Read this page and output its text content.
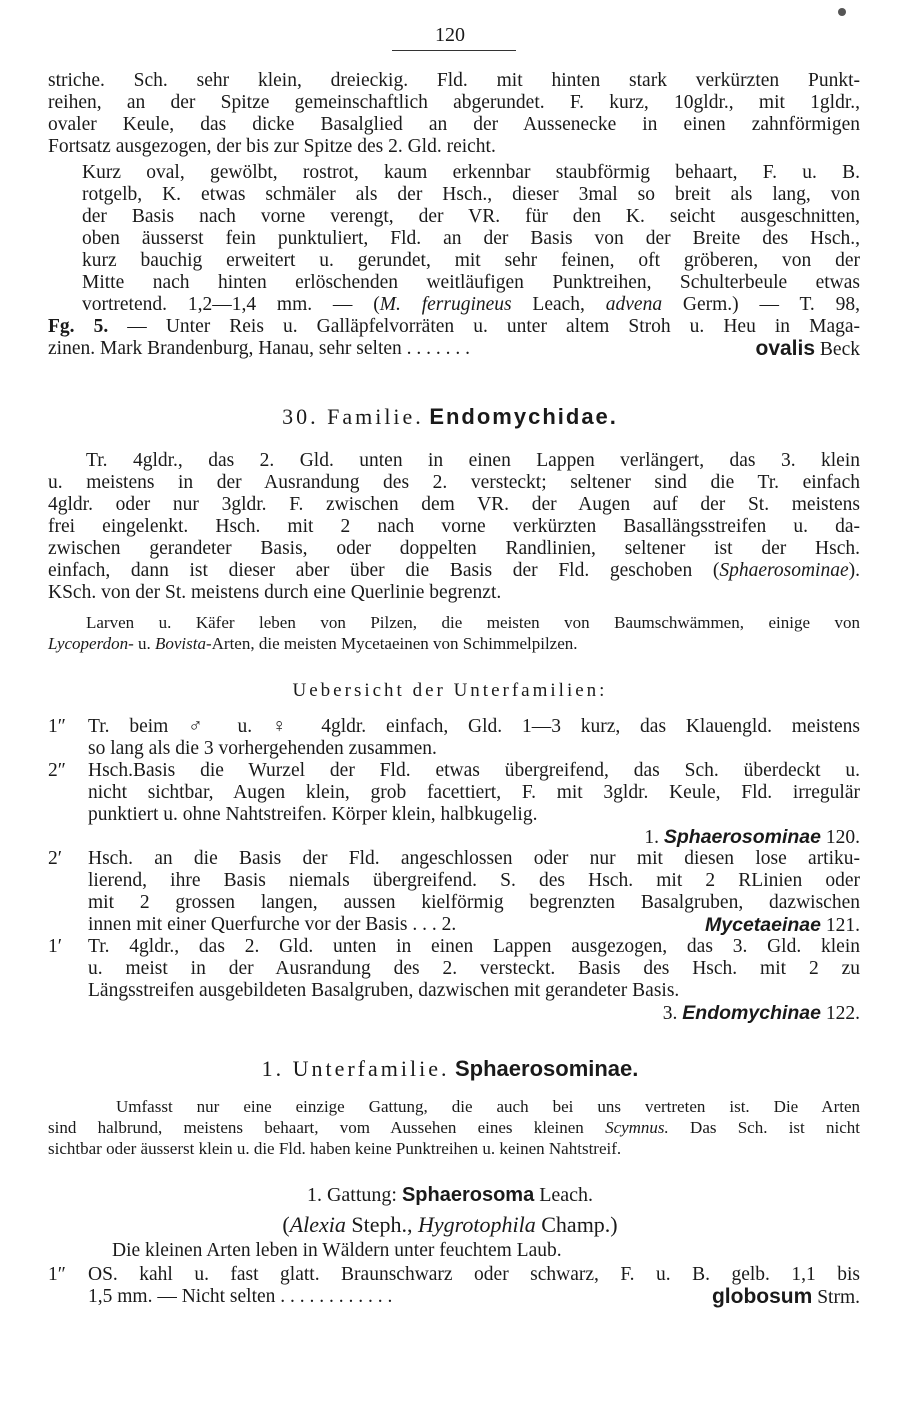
120
striche. Sch. sehr klein, dreieckig. Fld. mit hinten stark verkürzten Punkt-
reihen, an der Spitze gemeinschaftlich abgerundet. F. kurz, 10gldr., mit 1gldr.,
ovaler Keule, das dicke Basalglied an der Aussenecke in einen zahnförmigen
Fortsatz ausgezogen, der bis zur Spitze des 2. Gld. reicht.
Kurz oval, gewölbt, rostrot, kaum erkennbar staubförmig behaart, F. u. B.
rotgelb, K. etwas schmäler als der Hsch., dieser 3mal so breit als lang, von
der Basis nach vorne verengt, der VR. für den K. seicht ausgeschnitten,
oben äusserst fein punktuliert, Fld. an der Basis von der Breite des Hsch.,
kurz bauchig erweitert u. gerundet, mit sehr feinen, oft gröberen, von der
Mitte nach hinten erlöschenden weitläufigen Punktreihen, Schulterbeule etwas
vortretend. 1,2—1,4 mm. — (M. ferrugineus Leach, advena Germ.) — T. 98,
Fg. 5. — Unter Reis u. Galläpfelvorräten u. unter altem Stroh u. Heu in Maga-
zinen. Mark Brandenburg, Hanau, sehr selten . . . . . . .	ovalis Beck
30. Familie. Endomychidae.
Tr. 4gldr., das 2. Gld. unten in einen Lappen verlängert, das 3. klein
u. meistens in der Ausrandung des 2. versteckt; seltener sind die Tr. einfach
4gldr. oder nur 3gldr. F. zwischen dem VR. der Augen auf der St. meistens
frei eingelenkt. Hsch. mit 2 nach vorne verkürzten Basallängsstreifen u. da-
zwischen gerandeter Basis, oder doppelten Randlinien, seltener ist der Hsch.
einfach, dann ist dieser aber über die Basis der Fld. geschoben (Sphaerosominae).
KSch. von der St. meistens durch eine Querlinie begrenzt.
Larven u. Käfer leben von Pilzen, die meisten von Baumschwämmen, einige von
Lycoperdon- u. Bovista-Arten, die meisten Mycetaeinen von Schimmelpilzen.
Uebersicht der Unterfamilien:
1″	Tr. beim ♂ u. ♀ 4gldr. einfach, Gld. 1—3 kurz, das Klauengld. meistens
so lang als die 3 vorhergehenden zusammen.
2″	Hsch.Basis die Wurzel der Fld. etwas übergreifend, das Sch. überdeckt u.
nicht sichtbar, Augen klein, grob facettiert, F. mit 3gldr. Keule, Fld. irregulär
punktiert u. ohne Nahtstreifen. Körper klein, halbkugelig.
1. Sphaerosominae 120.
2′	Hsch. an die Basis der Fld. angeschlossen oder nur mit diesen lose artiku-
lierend, ihre Basis niemals übergreifend. S. des Hsch. mit 2 RLinien oder
mit 2 grossen langen, aussen kielförmig begrenzten Basalgruben, dazwischen
innen mit einer Querfurche vor der Basis . . . 2.	Mycetaeinae 121.
1′	Tr. 4gldr., das 2. Gld. unten in einen Lappen ausgezogen, das 3. Gld. klein
u. meist in der Ausrandung des 2. versteckt. Basis des Hsch. mit 2 zu
Längsstreifen ausgebildeten Basalgruben, dazwischen mit gerandeter Basis.
3. Endomychinae 122.
1. Unterfamilie. Sphaerosominae.
Umfasst nur eine einzige Gattung, die auch bei uns vertreten ist. Die Arten
sind halbrund, meistens behaart, vom Aussehen eines kleinen Scymnus. Das Sch. ist nicht
sichtbar oder äusserst klein u. die Fld. haben keine Punktreihen u. keinen Nahtstreif.
1. Gattung: Sphaerosoma Leach.
(Alexia Steph., Hygrotophila Champ.)
Die kleinen Arten leben in Wäldern unter feuchtem Laub.
1″ OS. kahl u. fast glatt. Braunschwarz oder schwarz, F. u. B. gelb. 1,1 bis
1,5 mm. — Nicht selten . . . . . . . . . . . .	globosum Strm.
